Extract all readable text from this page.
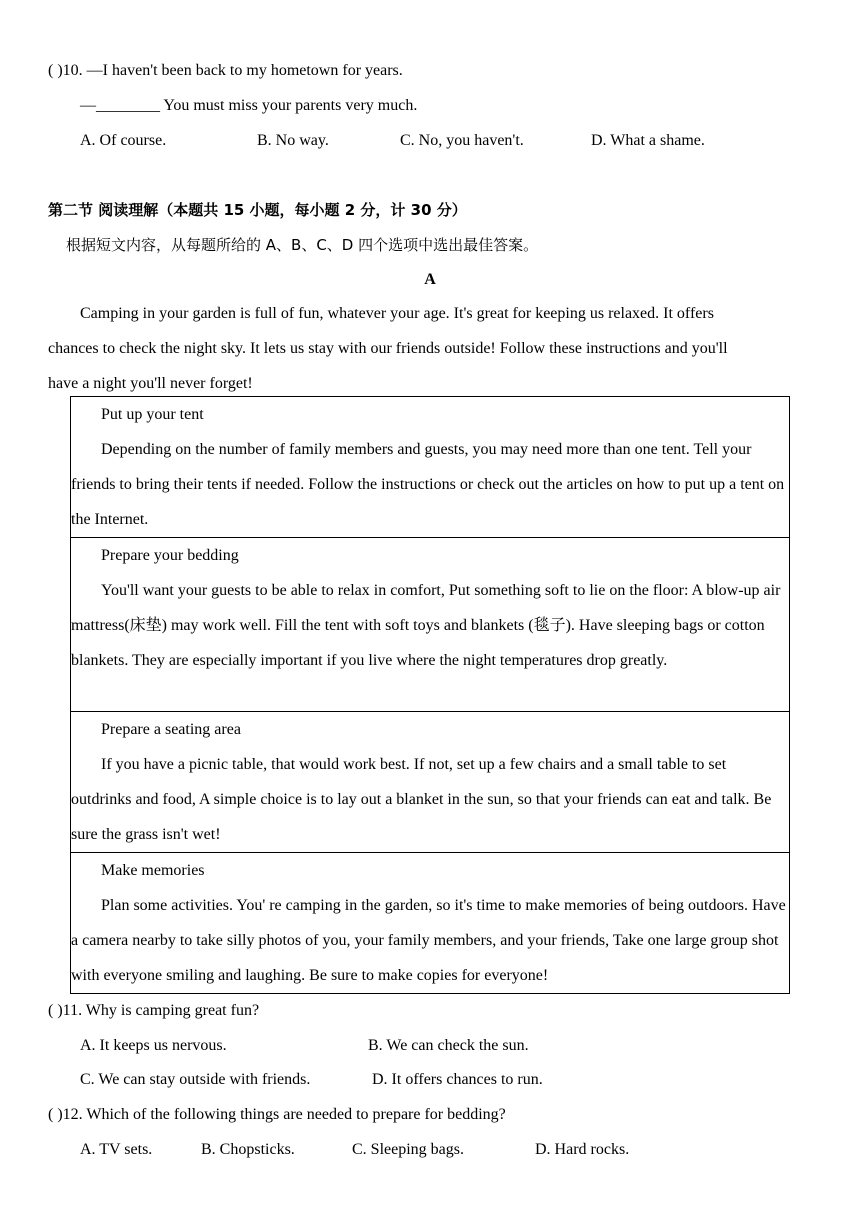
( )10. —I haven't been back to my hometown for years.
—________ You must miss your parents very much.
A. Of course.	B. No way.	C. No, you haven't.	D. What a shame.
第二节 阅读理解（本题共 15 小题，每小题 2 分，计 30 分）
根据短文内容，从每题所给的 A、B、C、D 四个选项中选出最佳答案。
A
Camping in your garden is full of fun, whatever your age. It's great for keeping us relaxed. It offers
chances to check the night sky. It lets us stay with our friends outside! Follow these instructions and you'll
have a night you'll never forget!

Put up your tent

Depending on the number of family members and guests, you may need more than one tent. Tell your friends to bring their tents if needed. Follow the instructions or check out the articles on how to put up a tent on the Internet.

Prepare your bedding

You'll want your guests to be able to relax in comfort, Put something soft to lie on the floor: A blow-up air mattress(床垫) may work well. Fill the tent with soft toys and blankets (毯子). Have sleeping bags or cotton blankets. They are especially important if you live where the night temperatures drop greatly.

Prepare a seating area

If you have a picnic table, that would work best. If not, set up a few chairs and a small table to set outdrinks and food, A simple choice is to lay out a blanket in the sun, so that your friends can eat and talk. Be sure the grass isn't wet!

Make memories

Plan some activities. You' re camping in the garden, so it's time to make memories of being outdoors. Have a camera nearby to take silly photos of you, your family members, and your friends, Take one large group shot with everyone smiling and laughing. Be sure to make copies for everyone!

( )11. Why is camping great fun?
A. It keeps us nervous.	B. We can check the sun.
C. We can stay outside with friends.	D. It offers chances to run.
( )12. Which of the following things are needed to prepare for bedding?
A. TV sets.	B. Chopsticks.	C. Sleeping bags.	D. Hard rocks.
